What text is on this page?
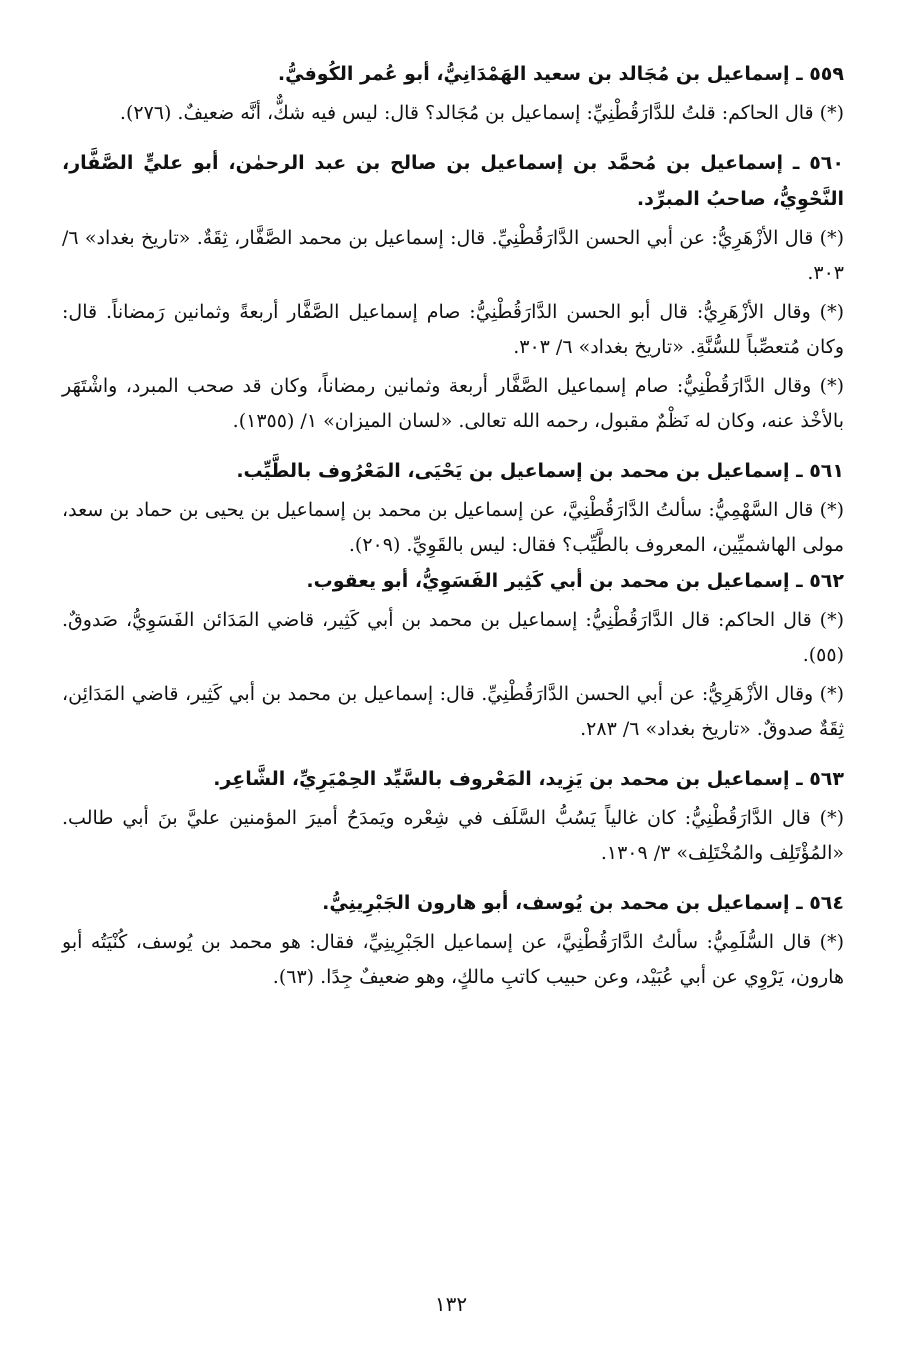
٥٥٩ ـ إسماعيل بن مُجَالد بن سعيد الهَمْدَانِيُّ، أبو عُمر الكُوفيُّ.

(*) قال الحاكم: قلتُ للدَّارَقُطْنِيِّ: إسماعيل بن مُجَالد؟ قال: ليس فيه شكٌّ، أنَّه ضعيفٌ. (٢٧٦).

٥٦٠ ـ إسماعيل بن مُحمَّد بن إسماعيل بن صالح بن عبد الرحمٰن، أبو عليٍّ الصَّفَّار، النَّحْوِيُّ، صاحبُ المبرِّد.

(*) قال الأزْهَرِيُّ: عن أبي الحسن الدَّارَقُطْنِيِّ. قال: إسماعيل بن محمد الصَّفَّار، ثِقَةٌ. «تاريخ بغداد» ٦/ ٣٠٣.

(*) وقال الأزْهَرِيُّ: قال أبو الحسن الدَّارَقُطْنِيُّ: صام إسماعيل الصَّفَّار أربعةً وثمانين رَمضاناً. قال: وكان مُتعصِّباً للسُّنَّةِ. «تاريخ بغداد» ٦/ ٣٠٣.

(*) وقال الدَّارَقُطْنِيُّ: صام إسماعيل الصَّفَّار أربعة وثمانين رمضاناً، وكان قد صحب المبرد، واشْتَهَر بالأخْذ عنه، وكان له نَظْمٌ مقبول، رحمه الله تعالى. «لسان الميزان» ١/ (١٣٥٥).

٥٦١ ـ إسماعيل بن محمد بن إسماعيل بن يَحْيَى، المَعْرُوف بالطَّيِّب.

(*) قال السَّهْمِيُّ: سألتُ الدَّارَقُطْنِيَّ، عن إسماعيل بن محمد بن إسماعيل بن يحيى بن حماد بن سعد، مولى الهاشميِّين، المعروف بالطَّيِّب؟ فقال: ليس بالقَوِيِّ. (٢٠٩).

٥٦٢ ـ إسماعيل بن محمد بن أبي كَثِير الفَسَوِيُّ، أبو يعقوب.

(*) قال الحاكم: قال الدَّارَقُطْنِيُّ: إسماعيل بن محمد بن أبي كَثِير، قاضي المَدَائن الفَسَوِيُّ، صَدوقٌ. (٥٥).

(*) وقال الأزْهَرِيُّ: عن أبي الحسن الدَّارَقُطْنِيِّ. قال: إسماعيل بن محمد بن أبي كَثِير، قاضي المَدَائِن، ثِقَةٌ صدوقٌ. «تاريخ بغداد» ٦/ ٢٨٣.

٥٦٣ ـ إسماعيل بن محمد بن يَزِيد، المَعْروف بالسَّيِّد الحِمْيَرِيِّ، الشَّاعِر.

(*) قال الدَّارَقُطْنِيُّ: كان غالياً يَسُبُّ السَّلَف في شِعْره ويَمدَحُ أميرَ المؤمنين عليَّ بنَ أبي طالب. «المُؤْتَلِف والمُخْتَلِف» ٣/ ١٣٠٩.

٥٦٤ ـ إسماعيل بن محمد بن يُوسف، أبو هارون الجَبْرِينِيُّ.

(*) قال السُّلَمِيُّ: سألتُ الدَّارَقُطْنِيَّ، عن إسماعيل الجَبْرِينِيِّ، فقال: هو محمد بن يُوسف، كُنْيَتُه أبو هارون، يَرْوِي عن أبي عُبَيْد، وعن حبيب كاتبِ مالكٍ، وهو ضعيفٌ جِدًا. (٦٣).

١٣٢
